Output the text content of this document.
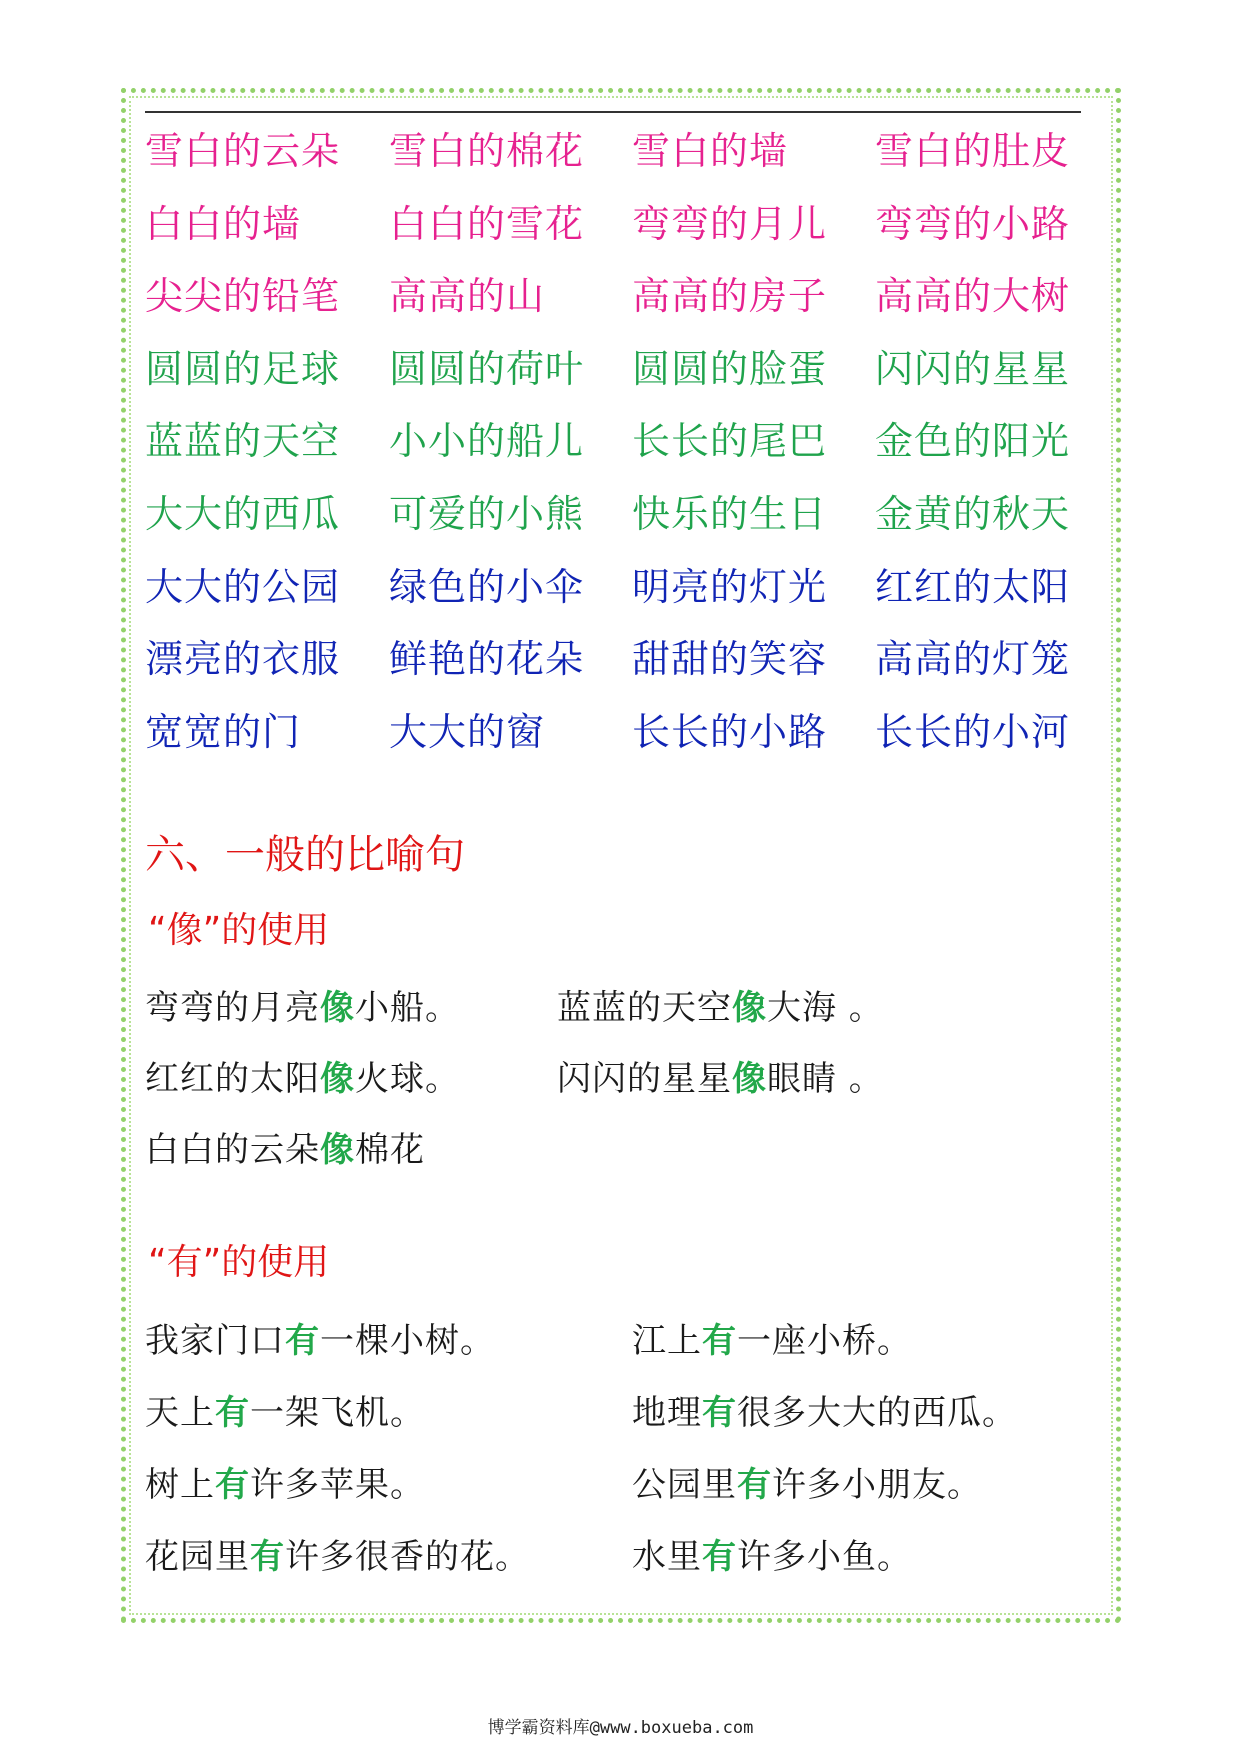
雪白的云朵 雪白的棉花 雪白的墙 雪白的肚皮
白白的墙 白白的雪花 弯弯的月儿 弯弯的小路
尖尖的铅笔 高高的山 高高的房子 高高的大树
圆圆的足球 圆圆的荷叶 圆圆的脸蛋 闪闪的星星
蓝蓝的天空 小小的船儿 长长的尾巴 金色的阳光
大大的西瓜 可爱的小熊 快乐的生日 金黄的秋天
大大的公园 绿色的小伞 明亮的灯光 红红的太阳
漂亮的衣服 鲜艳的花朵 甜甜的笑容 高高的灯笼
宽宽的门 大大的窗 长长的小路 长长的小河
六、一般的比喻句
“像”的使用
弯弯的月亮像小船。	蓝蓝的天空像大海 。
红红的太阳像火球。	闪闪的星星像眼睛 。
白白的云朵像棉花
“有”的使用
我家门口有一棵小树。	江上有一座小桥。
天上有一架飞机。	地理有很多大大的西瓜。
树上有许多苹果。	公园里有许多小朋友。
花园里有许多很香的花。	水里有许多小鱼。
博学霸资料库@www.boxueba.com
